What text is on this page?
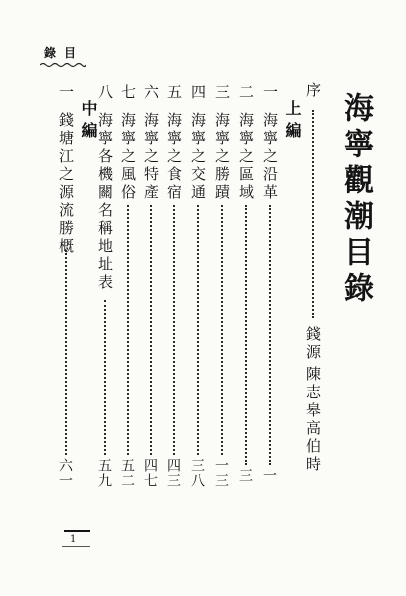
錄目
海寧觀潮目錄
序
錢源
陳志皋
高伯時
上編
一海寧之沿革
一
二海寧之區域
三
三海寧之勝蹟
一三
四海寧之交通
三八
五海寧之食宿
四三
六海寧之特產
四七
七海寧之風俗
五二
八海寧各機關名稱地址表
五九
中編
一錢塘江之源流勝概
六一
1
